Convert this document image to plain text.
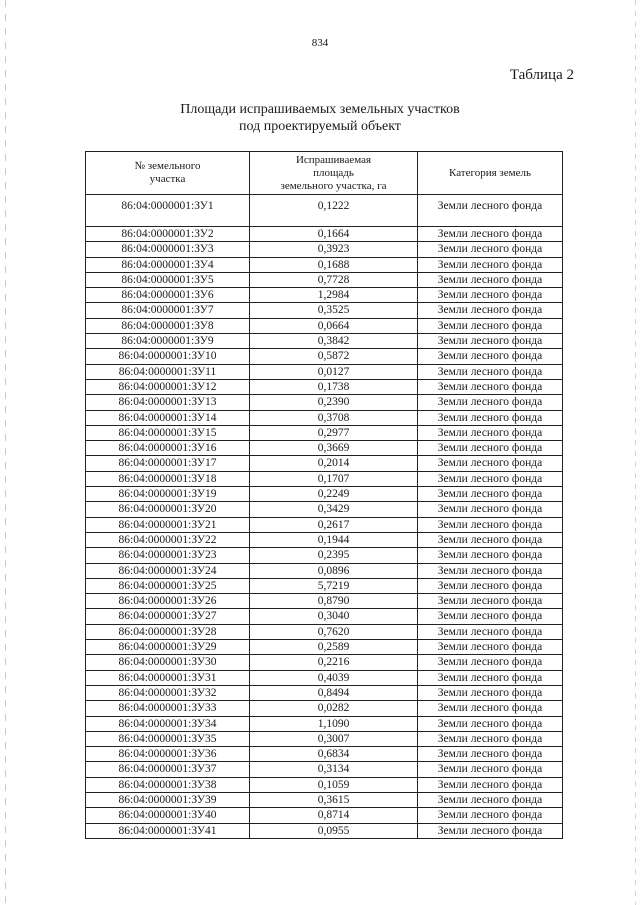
834
Таблица 2
Площади испрашиваемых земельных участков
под проектируемый объект
№ земельного
участка	Испрашиваемая
площадь
земельного участка, га	Категория земель

86:04:0000001:ЗУ1	0,1222	Земли лесного фонда
86:04:0000001:ЗУ2	0,1664	Земли лесного фонда
86:04:0000001:ЗУ3	0,3923	Земли лесного фонда
86:04:0000001:ЗУ4	0,1688	Земли лесного фонда
86:04:0000001:ЗУ5	0,7728	Земли лесного фонда
86:04:0000001:ЗУ6	1,2984	Земли лесного фонда
86:04:0000001:ЗУ7	0,3525	Земли лесного фонда
86:04:0000001:ЗУ8	0,0664	Земли лесного фонда
86:04:0000001:ЗУ9	0,3842	Земли лесного фонда
86:04:0000001:ЗУ10	0,5872	Земли лесного фонда
86:04:0000001:ЗУ11	0,0127	Земли лесного фонда
86:04:0000001:ЗУ12	0,1738	Земли лесного фонда
86:04:0000001:ЗУ13	0,2390	Земли лесного фонда
86:04:0000001:ЗУ14	0,3708	Земли лесного фонда
86:04:0000001:ЗУ15	0,2977	Земли лесного фонда
86:04:0000001:ЗУ16	0,3669	Земли лесного фонда
86:04:0000001:ЗУ17	0,2014	Земли лесного фонда
86:04:0000001:ЗУ18	0,1707	Земли лесного фонда
86:04:0000001:ЗУ19	0,2249	Земли лесного фонда
86:04:0000001:ЗУ20	0,3429	Земли лесного фонда
86:04:0000001:ЗУ21	0,2617	Земли лесного фонда
86:04:0000001:ЗУ22	0,1944	Земли лесного фонда
86:04:0000001:ЗУ23	0,2395	Земли лесного фонда
86:04:0000001:ЗУ24	0,0896	Земли лесного фонда
86:04:0000001:ЗУ25	5,7219	Земли лесного фонда
86:04:0000001:ЗУ26	0,8790	Земли лесного фонда
86:04:0000001:ЗУ27	0,3040	Земли лесного фонда
86:04:0000001:ЗУ28	0,7620	Земли лесного фонда
86:04:0000001:ЗУ29	0,2589	Земли лесного фонда
86:04:0000001:ЗУ30	0,2216	Земли лесного фонда
86:04:0000001:ЗУ31	0,4039	Земли лесного фонда
86:04:0000001:ЗУ32	0,8494	Земли лесного фонда
86:04:0000001:ЗУ33	0,0282	Земли лесного фонда
86:04:0000001:ЗУ34	1,1090	Земли лесного фонда
86:04:0000001:ЗУ35	0,3007	Земли лесного фонда
86:04:0000001:ЗУ36	0,6834	Земли лесного фонда
86:04:0000001:ЗУ37	0,3134	Земли лесного фонда
86:04:0000001:ЗУ38	0,1059	Земли лесного фонда
86:04:0000001:ЗУ39	0,3615	Земли лесного фонда
86:04:0000001:ЗУ40	0,8714	Земли лесного фонда
86:04:0000001:ЗУ41	0,0955	Земли лесного фонда
